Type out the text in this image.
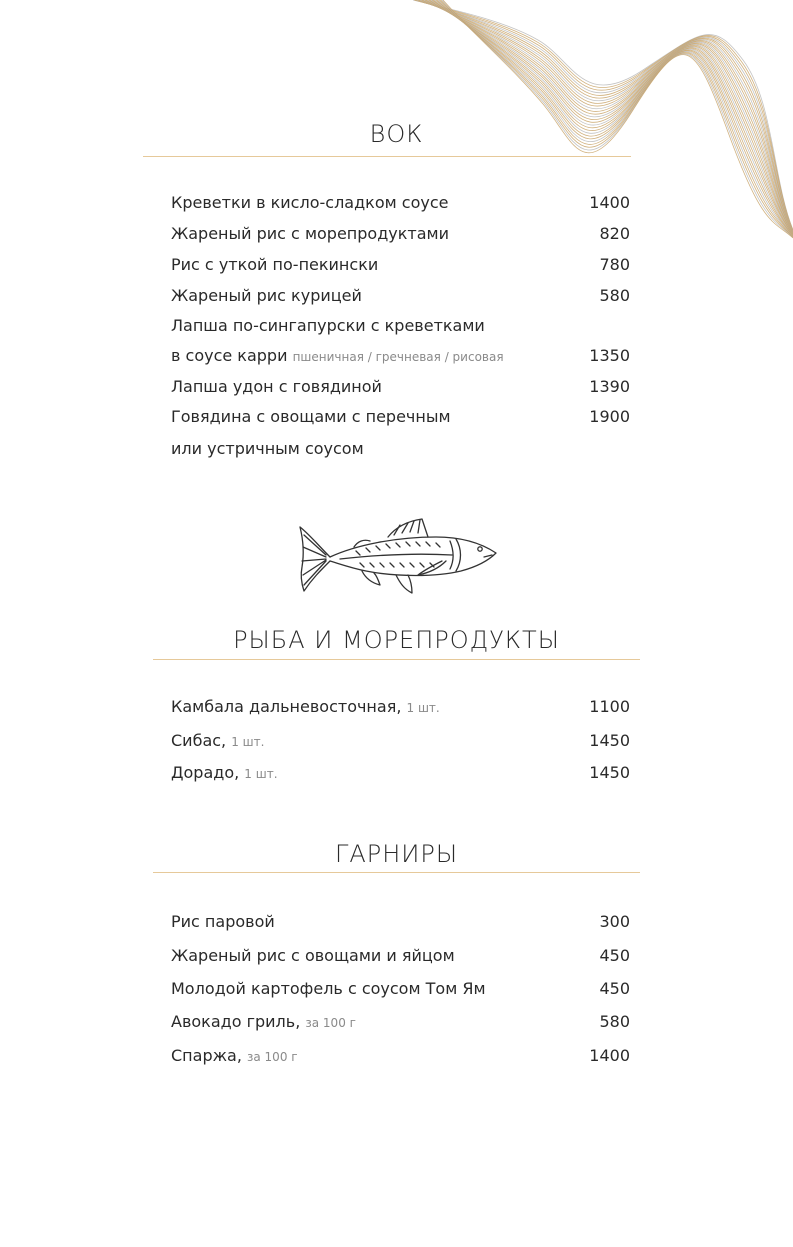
ВОК
Креветки в кисло-сладком соусе	1400
Жареный рис с морепродуктами	820
Рис с уткой по-пекински	780
Жареный рис курицей	580
Лапша по-сингапурски с креветками
в соусе карри пшеничная / гречневая / рисовая	1350
Лапша удон с говядиной	1390
Говядина с овощами с перечным	1900
или устричным соусом
РЫБА И МОРЕПРОДУКТЫ
Камбала дальневосточная, 1 шт.	1100
Сибас, 1 шт.	1450
Дорадо, 1 шт.	1450
ГАРНИРЫ
Рис паровой	300
Жареный рис с овощами и яйцом	450
Молодой картофель с соусом Том Ям	450
Авокадо гриль, за 100 г	580
Спаржа, за 100 г	1400
